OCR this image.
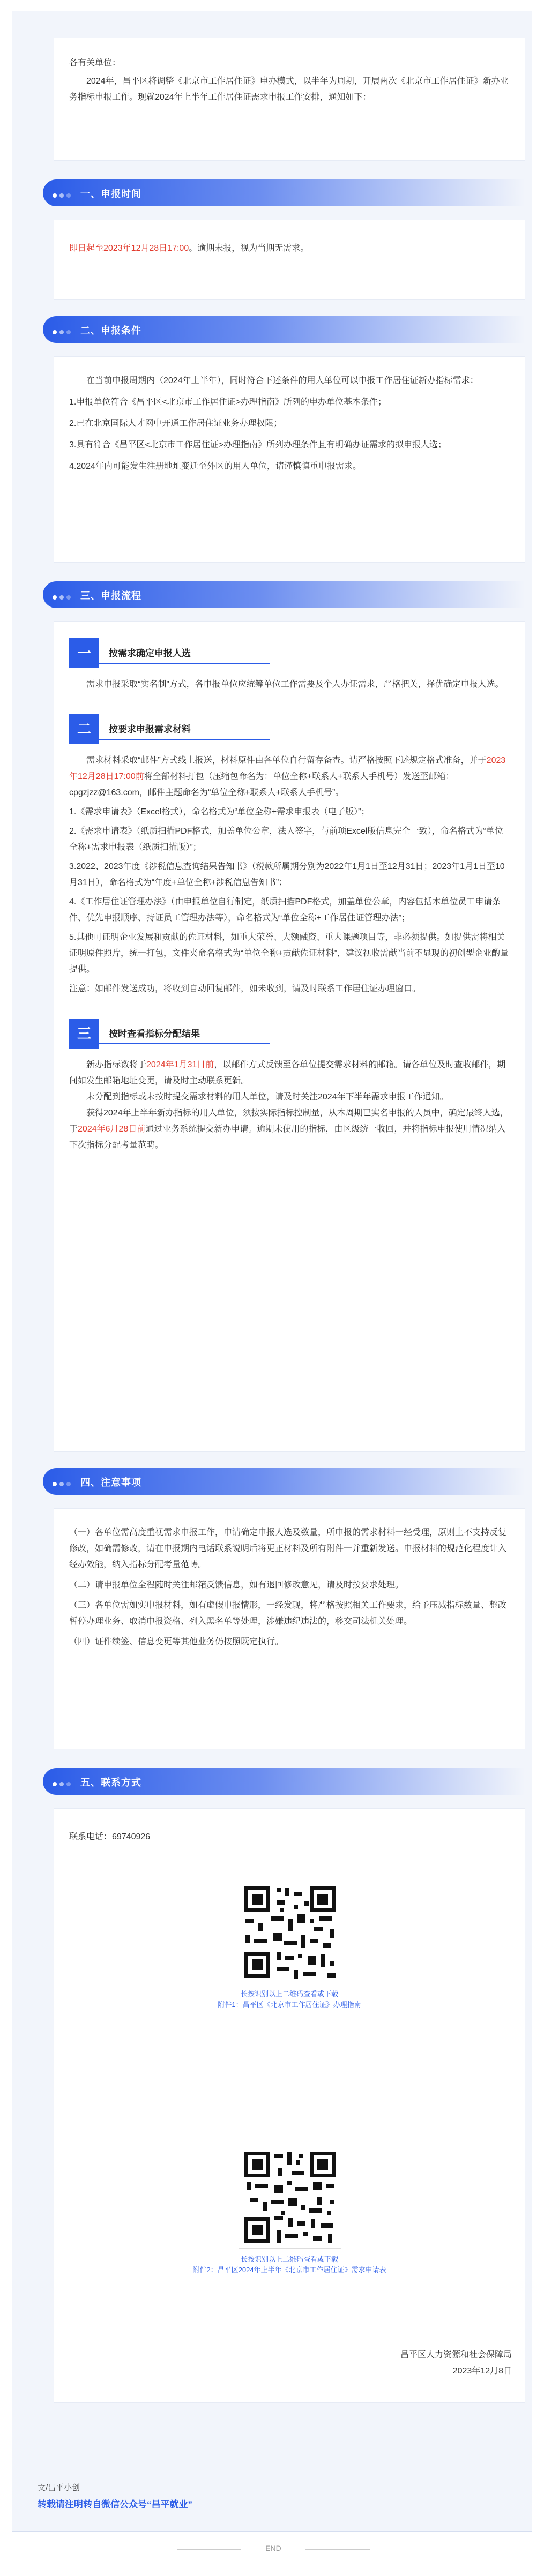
各有关单位：

2024年，昌平区将调整《北京市工作居住证》申办模式，以半年为周期，开展两次《北京市工作居住证》新办业务指标申报工作。现就2024年上半年工作居住证需求申报工作安排，通知如下：

一、申报时间

即日起至2023年12月28日17:00。逾期未报，视为当期无需求。

二、申报条件

在当前申报周期内（2024年上半年），同时符合下述条件的用人单位可以申报工作居住证新办指标需求：

1.申报单位符合《昌平区<北京市工作居住证>办理指南》所列的申办单位基本条件；

2.已在北京国际人才网中开通工作居住证业务办理权限；

3.具有符合《昌平区<北京市工作居住证>办理指南》所列办理条件且有明确办证需求的拟申报人选；

4.2024年内可能发生注册地址变迁至外区的用人单位，请谨慎慎重申报需求。

三、申报流程
一	按需求确定申报人选

需求申报采取“实名制”方式，各申报单位应统筹单位工作需要及个人办证需求，严格把关，择优确定申报人选。

二	按要求申报需求材料

需求材料采取“邮件”方式线上报送，材料原件由各单位自行留存备查。请严格按照下述规定格式准备，并于2023年12月28日17:00前将全部材料打包（压缩包命名为：单位全称+联系人+联系人手机号）发送至邮箱：cpgzjzz@163.com，邮件主题命名为“单位全称+联系人+联系人手机号”。

1.《需求申请表》（Excel格式），命名格式为“单位全称+需求申报表（电子版）”；

2.《需求申请表》（纸质扫描PDF格式，加盖单位公章，法人签字，与前项Excel版信息完全一致），命名格式为“单位全称+需求申报表（纸质扫描版）”；

3.2022、2023年度《涉税信息查询结果告知书》（税款所属期分别为2022年1月1日至12月31日；2023年1月1日至10月31日），命名格式为“年度+单位全称+涉税信息告知书”；

4.《工作居住证管理办法》（由申报单位自行制定，纸质扫描PDF格式，加盖单位公章，内容包括本单位员工申请条件、优先申报顺序、持证员工管理办法等），命名格式为“单位全称+工作居住证管理办法”；

5.其他可证明企业发展和贡献的佐证材料，如重大荣誉、大额融资、重大课题项目等，非必须提供。如提供需将相关证明原件照片，统一打包，文件夹命名格式为“单位全称+贡献佐证材料”，建议视收需献当前不显现的初创型企业酌量提供。

注意：如邮件发送成功，将收到自动回复邮件，如未收到，请及时联系工作居住证办理窗口。

三	按时查看指标分配结果

新办指标数将于2024年1月31日前，以邮件方式反馈至各单位提交需求材料的邮箱。请各单位及时查收邮件，期间如发生邮箱地址变更，请及时主动联系更新。

未分配到指标或未按时提交需求材料的用人单位，请及时关注2024年下半年需求申报工作通知。

获得2024年上半年新办指标的用人单位，须按实际指标控制量，从本周期已实名申报的人员中，确定最终人选，于2024年6月28日前通过业务系统提交新办申请。逾期未使用的指标，由区级统一收回，并将指标申报使用情况纳入下次指标分配考量范畴。

四、注意事项

（一）各单位需高度重视需求申报工作，申请确定申报人选及数量，所申报的需求材料一经受理，原则上不支持反复修改，如确需修改，请在申报期内电话联系说明后将更正材料及所有附件一并重新发送。申报材料的规范化程度计入经办效能，纳入指标分配考量范畴。

（二）请申报单位全程随时关注邮箱反馈信息，如有退回修改意见，请及时按要求处理。

（三）各单位需如实申报材料，如有虚假申报情形，一经发现，将严格按照相关工作要求，给予压减指标数量、整改暂停办理业务、取消申报资格、列入黑名单等处理，涉嫌违纪违法的，移交司法机关处理。

（四）证件续签、信息变更等其他业务仍按照既定执行。

五、联系方式

联系电话：69740926

长按识别以上二维码查看或下载
附件1：昌平区《北京市工作居住证》办理指南
长按识别以上二维码查看或下载
附件2：昌平区2024年上半年《北京市工作居住证》需求申请表
昌平区人力资源和社会保障局
2023年12月8日
文/昌平小创
转载请注明转自微信公众号“昌平就业”
— END —
